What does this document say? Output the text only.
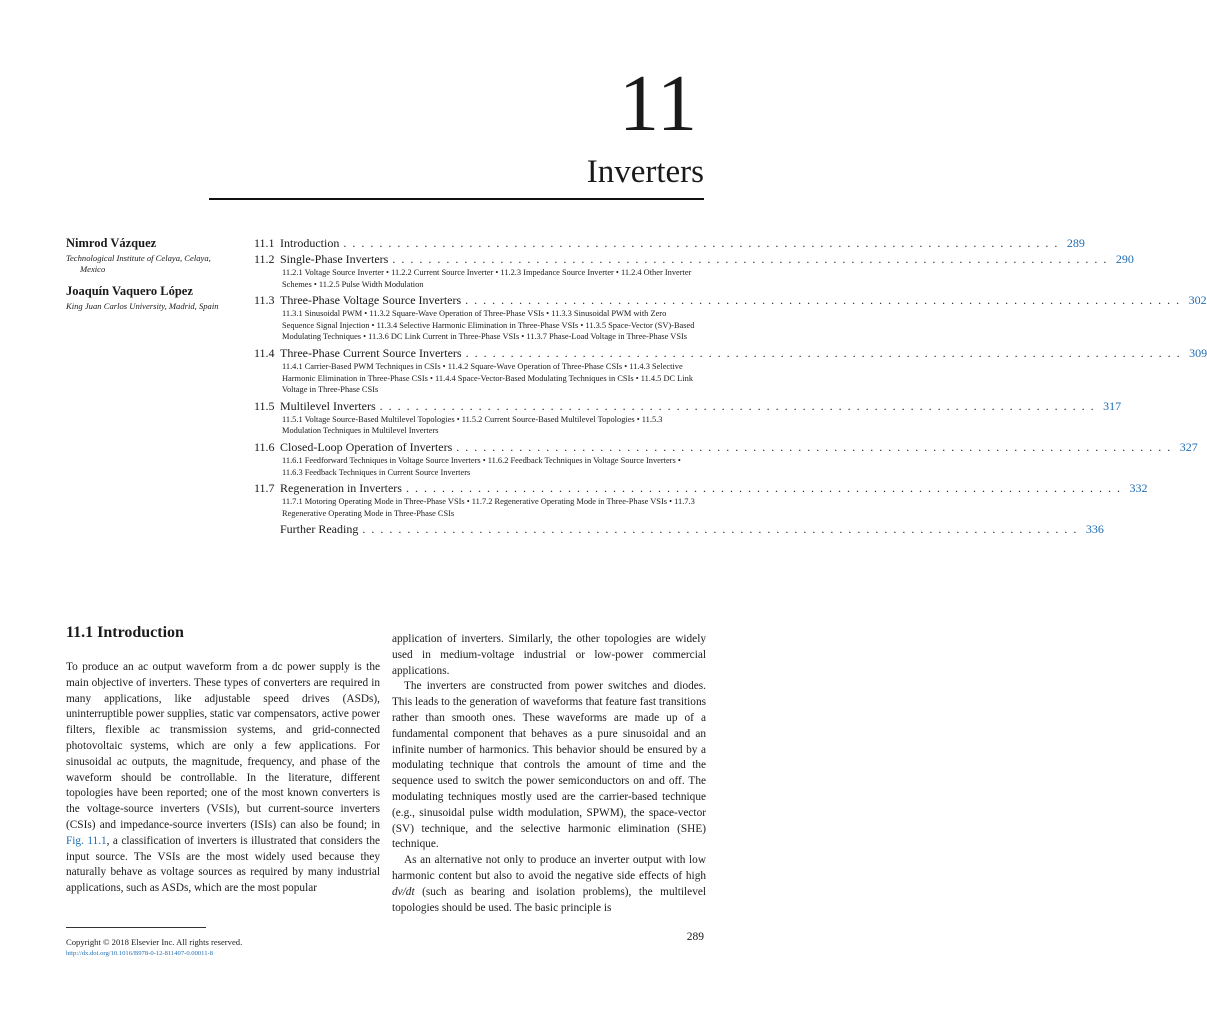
11
Inverters
Nimrod Vázquez
Technological Institute of Celaya, Celaya,
Mexico
Joaquín Vaquero López
King Juan Carlos University, Madrid, Spain
11.1 Introduction . . . . . . . . . . . . . . . . . . . . . . . . . . . . . . . . . . . . . . . . . . . . . . . . . . . . . . . . . . . . . . . . . . . . . . . . . . . . . . . . 289
11.2 Single-Phase Inverters . . . . . . . . . . . . . . . . . . . . . . . . . . . . . . . . . . . . . . . . . . . . . . . . . . . . . . . . . . . . . . . . . . . . . . . . . . . . . . . . 290
11.2.1 Voltage Source Inverter • 11.2.2 Current Source Inverter • 11.2.3 Impedance Source Inverter • 11.2.4 Other Inverter Schemes • 11.2.5 Pulse Width Modulation
11.3 Three-Phase Voltage Source Inverters . . . . . . . . . . . . . . . . . . . . . . . . . . . . . . . . . . . . . . . . . . . . . . . . . . . . . . . . . . . . . . . . . . . . . . . . . . . . . . . . 302
11.3.1 Sinusoidal PWM • 11.3.2 Square-Wave Operation of Three-Phase VSIs • 11.3.3 Sinusoidal PWM with Zero Sequence Signal Injection • 11.3.4 Selective Harmonic Elimination in Three-Phase VSIs • 11.3.5 Space-Vector (SV)-Based Modulating Techniques • 11.3.6 DC Link Current in Three-Phase VSIs • 11.3.7 Phase-Load Voltage in Three-Phase VSIs
11.4 Three-Phase Current Source Inverters . . . . . . . . . . . . . . . . . . . . . . . . . . . . . . . . . . . . . . . . . . . . . . . . . . . . . . . . . . . . . . . . . . . . . . . . . . . . . . . . 309
11.4.1 Carrier-Based PWM Techniques in CSIs • 11.4.2 Square-Wave Operation of Three-Phase CSIs • 11.4.3 Selective Harmonic Elimination in Three-Phase CSIs • 11.4.4 Space-Vector-Based Modulating Techniques in CSIs • 11.4.5 DC Link Voltage in Three-Phase CSIs
11.5 Multilevel Inverters . . . . . . . . . . . . . . . . . . . . . . . . . . . . . . . . . . . . . . . . . . . . . . . . . . . . . . . . . . . . . . . . . . . . . . . . . . . . . . . . 317
11.5.1 Voltage Source-Based Multilevel Topologies • 11.5.2 Current Source-Based Multilevel Topologies • 11.5.3 Modulation Techniques in Multilevel Inverters
11.6 Closed-Loop Operation of Inverters . . . . . . . . . . . . . . . . . . . . . . . . . . . . . . . . . . . . . . . . . . . . . . . . . . . . . . . . . . . . . . . . . . . . . . . . . . . . . . . . 327
11.6.1 Feedforward Techniques in Voltage Source Inverters • 11.6.2 Feedback Techniques in Voltage Source Inverters • 11.6.3 Feedback Techniques in Current Source Inverters
11.7 Regeneration in Inverters . . . . . . . . . . . . . . . . . . . . . . . . . . . . . . . . . . . . . . . . . . . . . . . . . . . . . . . . . . . . . . . . . . . . . . . . . . . . . . . . 332
11.7.1 Motoring Operating Mode in Three-Phase VSIs • 11.7.2 Regenerative Operating Mode in Three-Phase VSIs • 11.7.3 Regenerative Operating Mode in Three-Phase CSIs
Further Reading . . . . . . . . . . . . . . . . . . . . . . . . . . . . . . . . . . . . . . . . . . . . . . . . . . . . . . . . . . . . . . . . . . . . . . . . . . . . . . . . 336
11.1 Introduction

To produce an ac output waveform from a dc power supply is the main objective of inverters. These types of converters are required in many applications, like adjustable speed drives (ASDs), uninterruptible power supplies, static var compensators, active power filters, flexible ac transmission systems, and grid-connected photovoltaic systems, which are only a few applications. For sinusoidal ac outputs, the magnitude, frequency, and phase of the waveform should be controllable. In the literature, different topologies have been reported; one of the most known converters is the voltage-source inverters (VSIs), but current-source inverters (CSIs) and impedance-source inverters (ISIs) can also be found; in Fig. 11.1, a classification of inverters is illustrated that considers the input source. The VSIs are the most widely used because they naturally behave as voltage sources as required by many industrial applications, such as ASDs, which are the most popular

application of inverters. Similarly, the other topologies are widely used in medium-voltage industrial or low-power commercial applications.

The inverters are constructed from power switches and diodes. This leads to the generation of waveforms that feature fast transitions rather than smooth ones. These waveforms are made up of a fundamental component that behaves as a pure sinusoidal and an infinite number of harmonics. This behavior should be ensured by a modulating technique that controls the amount of time and the sequence used to switch the power semiconductors on and off. The modulating techniques mostly used are the carrier-based technique (e.g., sinusoidal pulse width modulation, SPWM), the space-vector (SV) technique, and the selective harmonic elimination (SHE) technique.

As an alternative not only to produce an inverter output with low harmonic content but also to avoid the negative side effects of high dv/dt (such as bearing and isolation problems), the multilevel topologies should be used. The basic principle is

Copyright © 2018 Elsevier Inc. All rights reserved.
http://dx.doi.org/10.1016/B978-0-12-811407-0.00011-8
289
